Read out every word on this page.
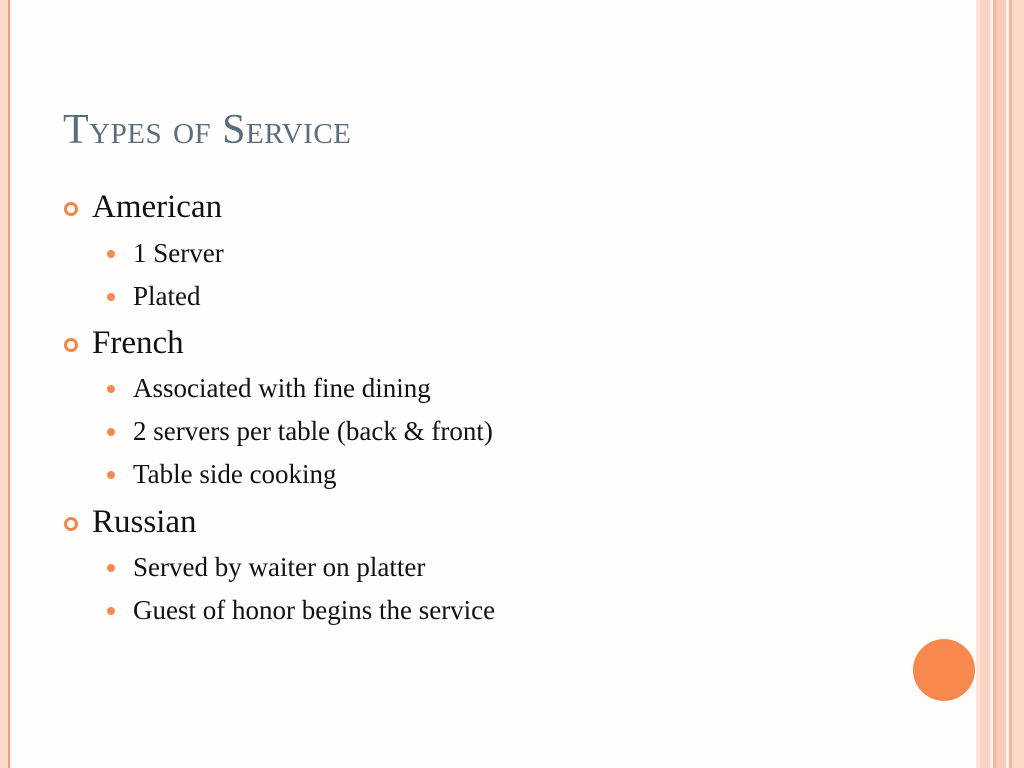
Types of Service
American
1 Server
Plated
French
Associated with fine dining
2 servers per table (back & front)
Table side cooking
Russian
Served by waiter on platter
Guest of honor begins the service
